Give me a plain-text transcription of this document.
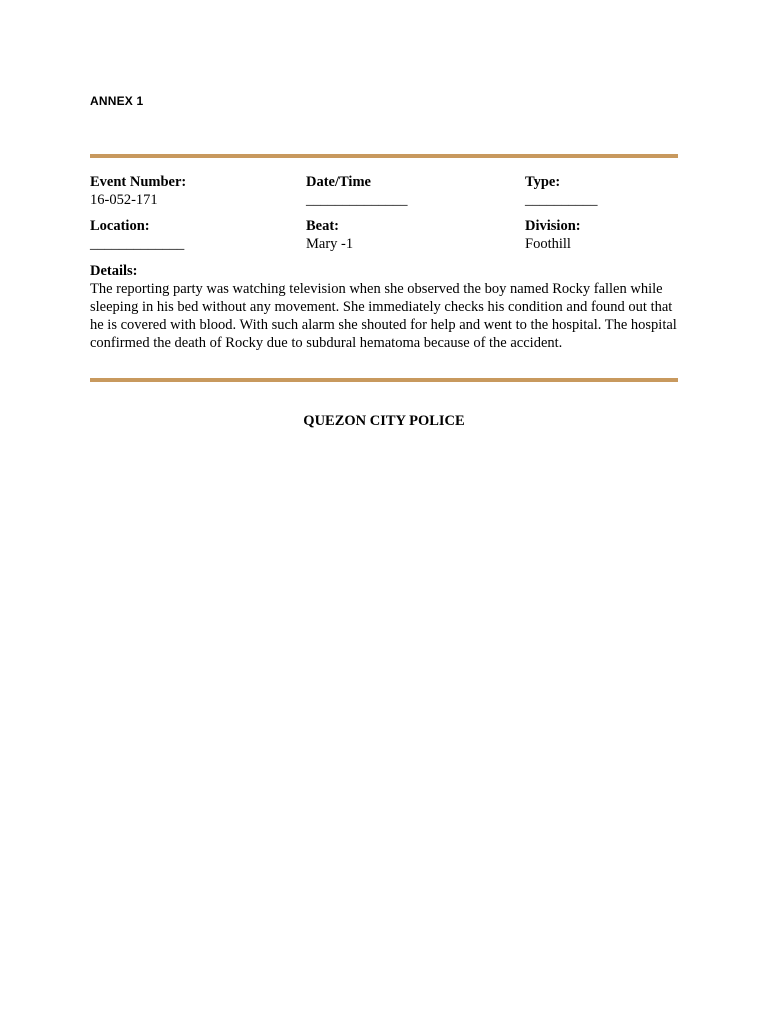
ANNEX 1
Event Number:
16-052-171
Date/Time
______________
Type:
__________
Location:
_____________
Beat:
Mary -1
Division:
Foothill
Details:
The reporting party was watching television when she observed the boy named Rocky fallen while sleeping in his bed without any movement. She immediately checks his condition and found out that he is covered with blood. With such alarm she shouted for help and went to the hospital. The hospital confirmed the death of Rocky due to subdural hematoma because of the accident.
QUEZON CITY POLICE
